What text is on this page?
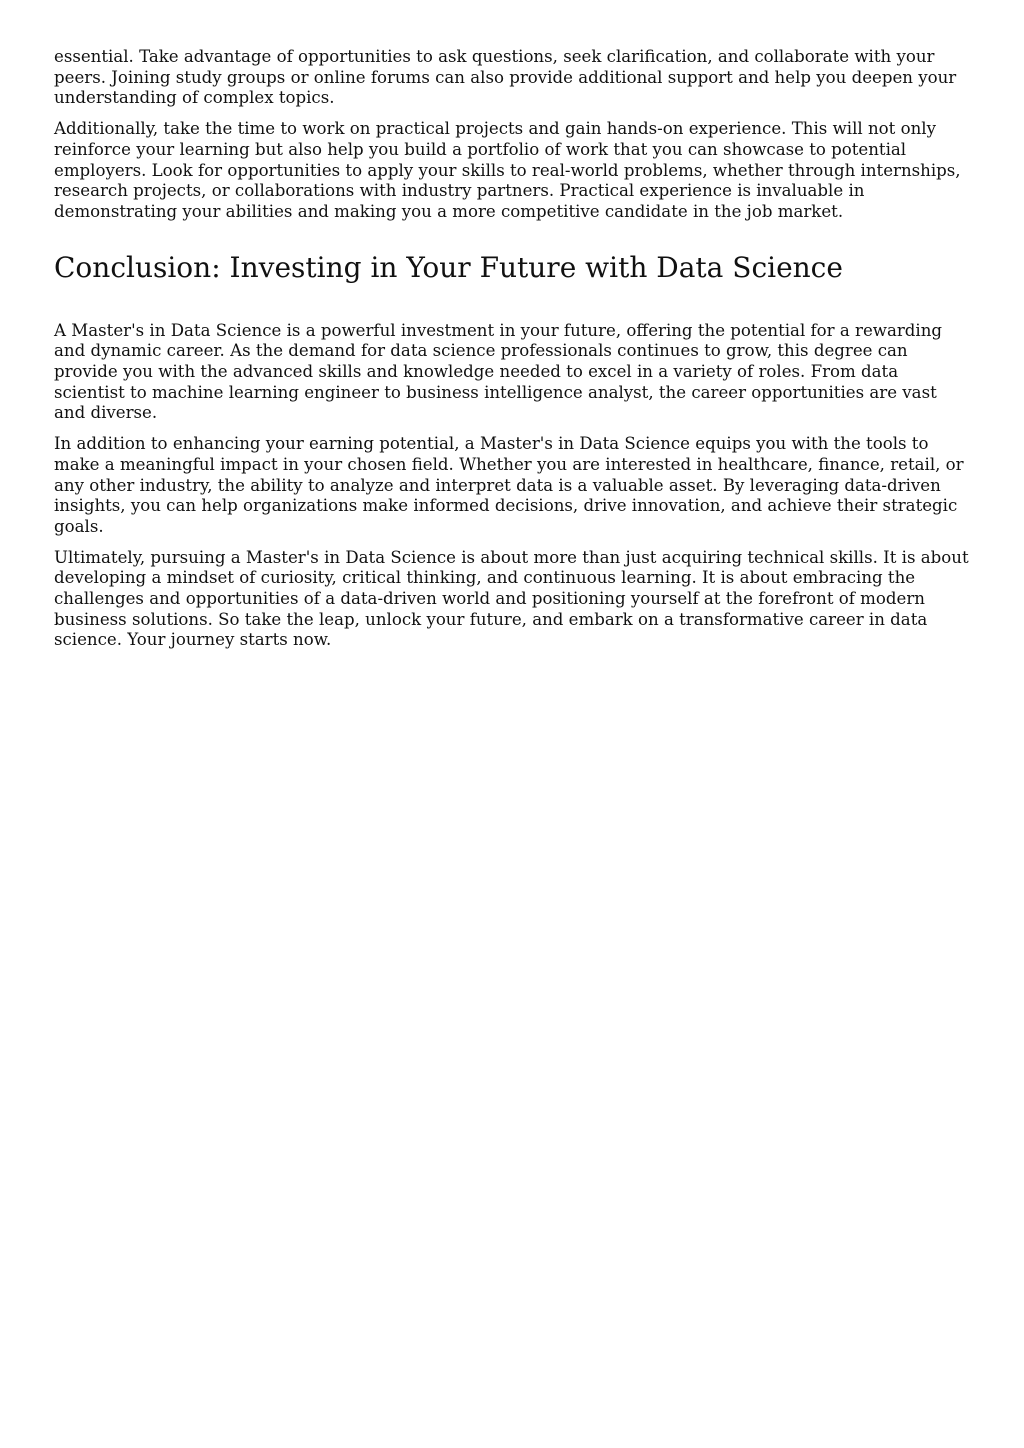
essential. Take advantage of opportunities to ask questions, seek clarification, and collaborate with your peers. Joining study groups or online forums can also provide additional support and help you deepen your understanding of complex topics.

Additionally, take the time to work on practical projects and gain hands-on experience. This will not only reinforce your learning but also help you build a portfolio of work that you can showcase to potential employers. Look for opportunities to apply your skills to real-world problems, whether through internships, research projects, or collaborations with industry partners. Practical experience is invaluable in demonstrating your abilities and making you a more competitive candidate in the job market.

Conclusion: Investing in Your Future with Data Science

A Master's in Data Science is a powerful investment in your future, offering the potential for a rewarding and dynamic career. As the demand for data science professionals continues to grow, this degree can provide you with the advanced skills and knowledge needed to excel in a variety of roles. From data scientist to machine learning engineer to business intelligence analyst, the career opportunities are vast and diverse.

In addition to enhancing your earning potential, a Master's in Data Science equips you with the tools to make a meaningful impact in your chosen field. Whether you are interested in healthcare, finance, retail, or any other industry, the ability to analyze and interpret data is a valuable asset. By leveraging data-driven insights, you can help organizations make informed decisions, drive innovation, and achieve their strategic goals.

Ultimately, pursuing a Master's in Data Science is about more than just acquiring technical skills. It is about developing a mindset of curiosity, critical thinking, and continuous learning. It is about embracing the challenges and opportunities of a data-driven world and positioning yourself at the forefront of modern business solutions. So take the leap, unlock your future, and embark on a transformative career in data science. Your journey starts now.
